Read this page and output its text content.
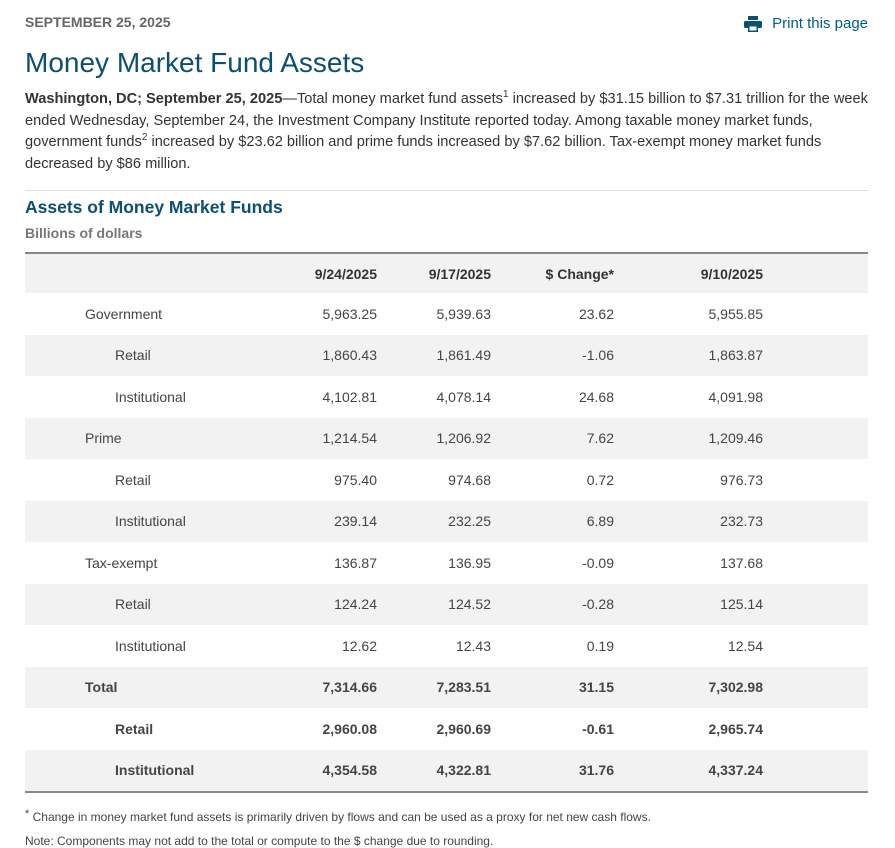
SEPTEMBER 25, 2025	Print this page
Money Market Fund Assets

Washington, DC; September 25, 2025—Total money market fund assets$^1$ increased by $31.15 billion to $7.31 trillion for the week ended Wednesday, September 24, the Investment Company Institute reported today. Among taxable money market funds, government funds$^2$ increased by $23.62 billion and prime funds increased by $7.62 billion. Tax-exempt money market funds decreased by $86 million.

Assets of Money Market Funds
Billions of dollars
	9/24/2025	9/17/2025	$ Change*	9/10/2025	
Government	5,963.25	5,939.63	23.62	5,955.85	
Retail	1,860.43	1,861.49	-1.06	1,863.87	
Institutional	4,102.81	4,078.14	24.68	4,091.98	
Prime	1,214.54	1,206.92	7.62	1,209.46	
Retail	975.40	974.68	0.72	976.73	
Institutional	239.14	232.25	6.89	232.73	
Tax-exempt	136.87	136.95	-0.09	137.68	
Retail	124.24	124.52	-0.28	125.14	
Institutional	12.62	12.43	0.19	12.54	
Total	7,314.66	7,283.51	31.15	7,302.98	
Retail	2,960.08	2,960.69	-0.61	2,965.74	
Institutional	4,354.58	4,322.81	31.76	4,337.24	
* Change in money market fund assets is primarily driven by flows and can be used as a proxy for net new cash flows.
Note: Components may not add to the total or compute to the $ change due to rounding.
